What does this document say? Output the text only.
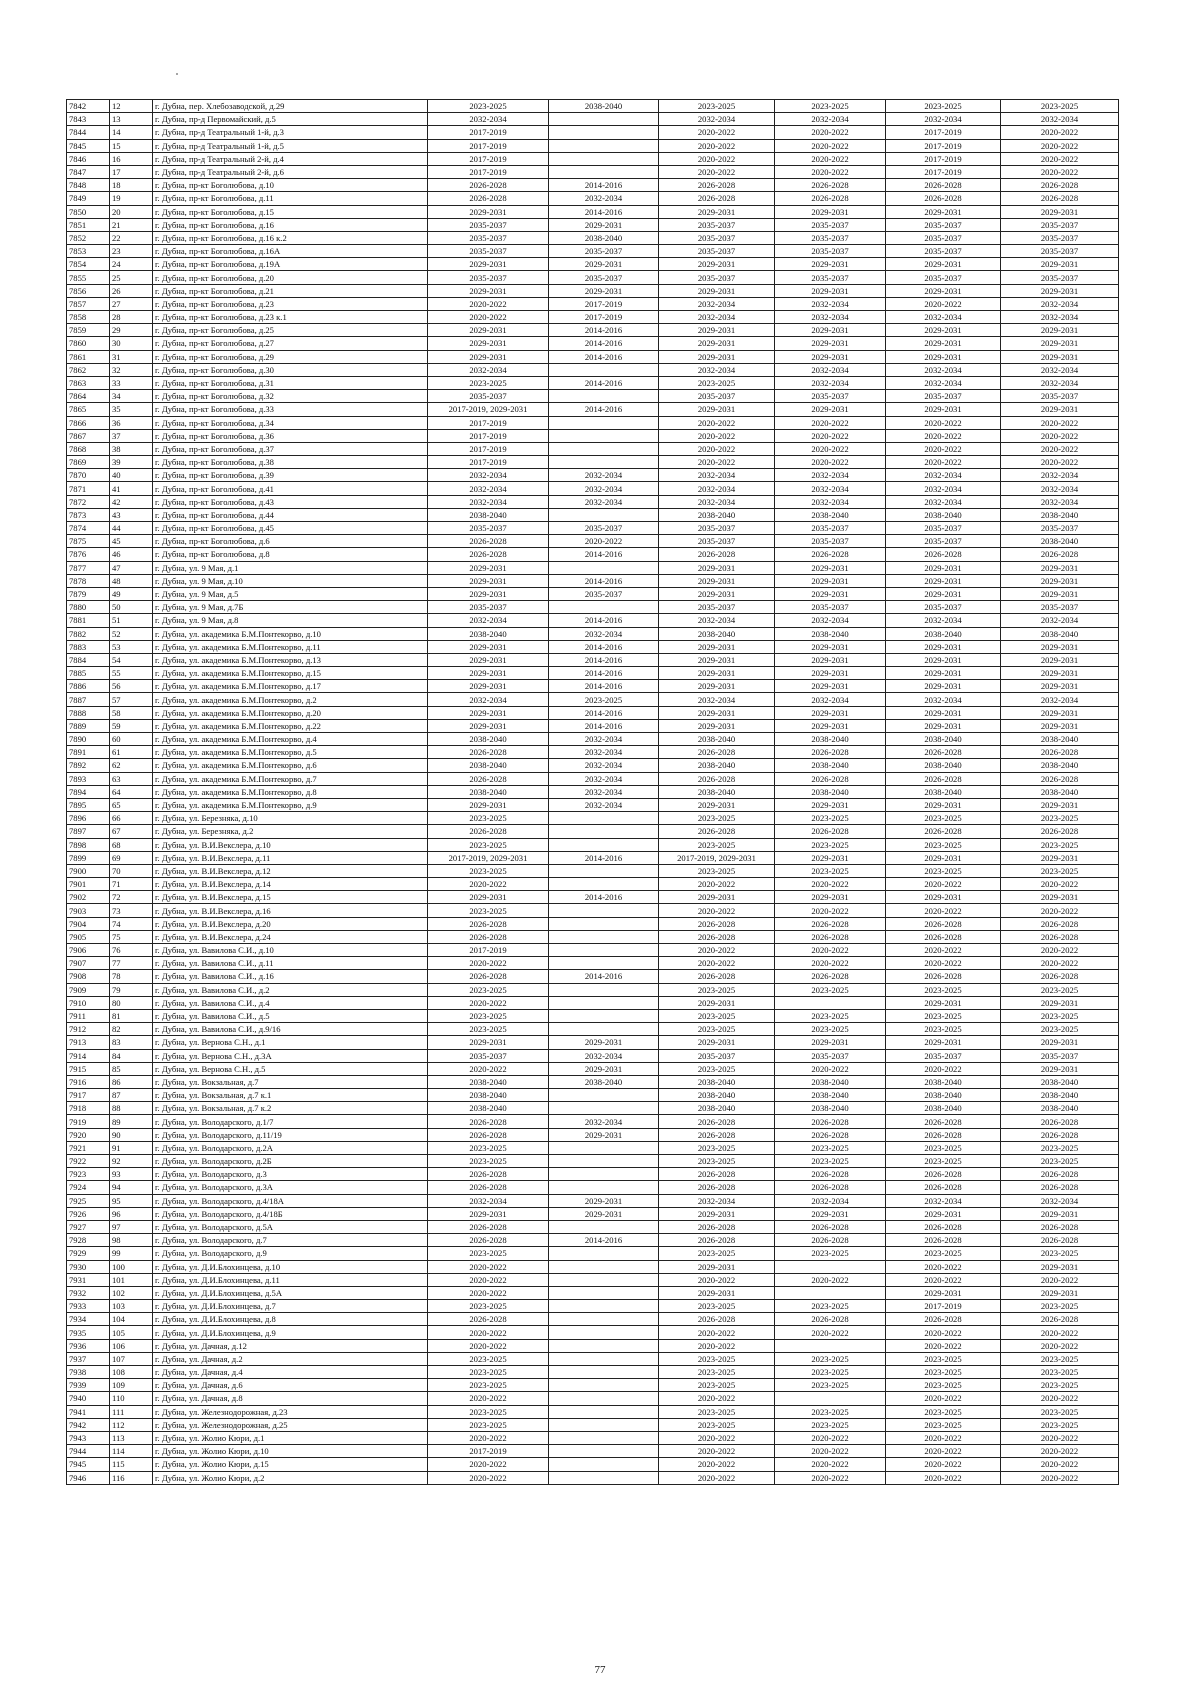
7842	12	г. Дубна, пер. Хлебозаводской, д.29	2023-2025	2038-2040	2023-2025	2023-2025	2023-2025	2023-2025
7843	13	г. Дубна, пр-д Первомайский, д.5	2032-2034		2032-2034	2032-2034	2032-2034	2032-2034
7844	14	г. Дубна, пр-д Театральный 1-й, д.3	2017-2019		2020-2022	2020-2022	2017-2019	2020-2022
7845	15	г. Дубна, пр-д Театральный 1-й, д.5	2017-2019		2020-2022	2020-2022	2017-2019	2020-2022
7846	16	г. Дубна, пр-д Театральный 2-й, д.4	2017-2019		2020-2022	2020-2022	2017-2019	2020-2022
7847	17	г. Дубна, пр-д Театральный 2-й, д.6	2017-2019		2020-2022	2020-2022	2017-2019	2020-2022
7848	18	г. Дубна, пр-кт Боголюбова, д.10	2026-2028	2014-2016	2026-2028	2026-2028	2026-2028	2026-2028
7849	19	г. Дубна, пр-кт Боголюбова, д.11	2026-2028	2032-2034	2026-2028	2026-2028	2026-2028	2026-2028
7850	20	г. Дубна, пр-кт Боголюбова, д.15	2029-2031	2014-2016	2029-2031	2029-2031	2029-2031	2029-2031
7851	21	г. Дубна, пр-кт Боголюбова, д.16	2035-2037	2029-2031	2035-2037	2035-2037	2035-2037	2035-2037
7852	22	г. Дубна, пр-кт Боголюбова, д.16 к.2	2035-2037	2038-2040	2035-2037	2035-2037	2035-2037	2035-2037
7853	23	г. Дубна, пр-кт Боголюбова, д.16А	2035-2037	2035-2037	2035-2037	2035-2037	2035-2037	2035-2037
7854	24	г. Дубна, пр-кт Боголюбова, д.19А	2029-2031	2029-2031	2029-2031	2029-2031	2029-2031	2029-2031
7855	25	г. Дубна, пр-кт Боголюбова, д.20	2035-2037	2035-2037	2035-2037	2035-2037	2035-2037	2035-2037
7856	26	г. Дубна, пр-кт Боголюбова, д.21	2029-2031	2029-2031	2029-2031	2029-2031	2029-2031	2029-2031
7857	27	г. Дубна, пр-кт Боголюбова, д.23	2020-2022	2017-2019	2032-2034	2032-2034	2020-2022	2032-2034
7858	28	г. Дубна, пр-кт Боголюбова, д.23 к.1	2020-2022	2017-2019	2032-2034	2032-2034	2032-2034	2032-2034
7859	29	г. Дубна, пр-кт Боголюбова, д.25	2029-2031	2014-2016	2029-2031	2029-2031	2029-2031	2029-2031
7860	30	г. Дубна, пр-кт Боголюбова, д.27	2029-2031	2014-2016	2029-2031	2029-2031	2029-2031	2029-2031
7861	31	г. Дубна, пр-кт Боголюбова, д.29	2029-2031	2014-2016	2029-2031	2029-2031	2029-2031	2029-2031
7862	32	г. Дубна, пр-кт Боголюбова, д.30	2032-2034		2032-2034	2032-2034	2032-2034	2032-2034
7863	33	г. Дубна, пр-кт Боголюбова, д.31	2023-2025	2014-2016	2023-2025	2032-2034	2032-2034	2032-2034
7864	34	г. Дубна, пр-кт Боголюбова, д.32	2035-2037		2035-2037	2035-2037	2035-2037	2035-2037
7865	35	г. Дубна, пр-кт Боголюбова, д.33	2017-2019, 2029-2031	2014-2016	2029-2031	2029-2031	2029-2031	2029-2031
7866	36	г. Дубна, пр-кт Боголюбова, д.34	2017-2019		2020-2022	2020-2022	2020-2022	2020-2022
7867	37	г. Дубна, пр-кт Боголюбова, д.36	2017-2019		2020-2022	2020-2022	2020-2022	2020-2022
7868	38	г. Дубна, пр-кт Боголюбова, д.37	2017-2019		2020-2022	2020-2022	2020-2022	2020-2022
7869	39	г. Дубна, пр-кт Боголюбова, д.38	2017-2019		2020-2022	2020-2022	2020-2022	2020-2022
7870	40	г. Дубна, пр-кт Боголюбова, д.39	2032-2034	2032-2034	2032-2034	2032-2034	2032-2034	2032-2034
7871	41	г. Дубна, пр-кт Боголюбова, д.41	2032-2034	2032-2034	2032-2034	2032-2034	2032-2034	2032-2034
7872	42	г. Дубна, пр-кт Боголюбова, д.43	2032-2034	2032-2034	2032-2034	2032-2034	2032-2034	2032-2034
7873	43	г. Дубна, пр-кт Боголюбова, д.44	2038-2040		2038-2040	2038-2040	2038-2040	2038-2040
7874	44	г. Дубна, пр-кт Боголюбова, д.45	2035-2037	2035-2037	2035-2037	2035-2037	2035-2037	2035-2037
7875	45	г. Дубна, пр-кт Боголюбова, д.6	2026-2028	2020-2022	2035-2037	2035-2037	2035-2037	2038-2040
7876	46	г. Дубна, пр-кт Боголюбова, д.8	2026-2028	2014-2016	2026-2028	2026-2028	2026-2028	2026-2028
7877	47	г. Дубна, ул. 9 Мая, д.1	2029-2031		2029-2031	2029-2031	2029-2031	2029-2031
7878	48	г. Дубна, ул. 9 Мая, д.10	2029-2031	2014-2016	2029-2031	2029-2031	2029-2031	2029-2031
7879	49	г. Дубна, ул. 9 Мая, д.5	2029-2031	2035-2037	2029-2031	2029-2031	2029-2031	2029-2031
7880	50	г. Дубна, ул. 9 Мая, д.7Б	2035-2037		2035-2037	2035-2037	2035-2037	2035-2037
7881	51	г. Дубна, ул. 9 Мая, д.8	2032-2034	2014-2016	2032-2034	2032-2034	2032-2034	2032-2034
7882	52	г. Дубна, ул. академика Б.М.Понтекорво, д.10	2038-2040	2032-2034	2038-2040	2038-2040	2038-2040	2038-2040
7883	53	г. Дубна, ул. академика Б.М.Понтекорво, д.11	2029-2031	2014-2016	2029-2031	2029-2031	2029-2031	2029-2031
7884	54	г. Дубна, ул. академика Б.М.Понтекорво, д.13	2029-2031	2014-2016	2029-2031	2029-2031	2029-2031	2029-2031
7885	55	г. Дубна, ул. академика Б.М.Понтекорво, д.15	2029-2031	2014-2016	2029-2031	2029-2031	2029-2031	2029-2031
7886	56	г. Дубна, ул. академика Б.М.Понтекорво, д.17	2029-2031	2014-2016	2029-2031	2029-2031	2029-2031	2029-2031
7887	57	г. Дубна, ул. академика Б.М.Понтекорво, д.2	2032-2034	2023-2025	2032-2034	2032-2034	2032-2034	2032-2034
7888	58	г. Дубна, ул. академика Б.М.Понтекорво, д.20	2029-2031	2014-2016	2029-2031	2029-2031	2029-2031	2029-2031
7889	59	г. Дубна, ул. академика Б.М.Понтекорво, д.22	2029-2031	2014-2016	2029-2031	2029-2031	2029-2031	2029-2031
7890	60	г. Дубна, ул. академика Б.М.Понтекорво, д.4	2038-2040	2032-2034	2038-2040	2038-2040	2038-2040	2038-2040
7891	61	г. Дубна, ул. академика Б.М.Понтекорво, д.5	2026-2028	2032-2034	2026-2028	2026-2028	2026-2028	2026-2028
7892	62	г. Дубна, ул. академика Б.М.Понтекорво, д.6	2038-2040	2032-2034	2038-2040	2038-2040	2038-2040	2038-2040
7893	63	г. Дубна, ул. академика Б.М.Понтекорво, д.7	2026-2028	2032-2034	2026-2028	2026-2028	2026-2028	2026-2028
7894	64	г. Дубна, ул. академика Б.М.Понтекорво, д.8	2038-2040	2032-2034	2038-2040	2038-2040	2038-2040	2038-2040
7895	65	г. Дубна, ул. академика Б.М.Понтекорво, д.9	2029-2031	2032-2034	2029-2031	2029-2031	2029-2031	2029-2031
7896	66	г. Дубна, ул. Березняка, д.10	2023-2025		2023-2025	2023-2025	2023-2025	2023-2025
7897	67	г. Дубна, ул. Березняка, д.2	2026-2028		2026-2028	2026-2028	2026-2028	2026-2028
7898	68	г. Дубна, ул. В.И.Векслера, д.10	2023-2025		2023-2025	2023-2025	2023-2025	2023-2025
7899	69	г. Дубна, ул. В.И.Векслера, д.11	2017-2019, 2029-2031	2014-2016	2017-2019, 2029-2031	2029-2031	2029-2031	2029-2031
7900	70	г. Дубна, ул. В.И.Векслера, д.12	2023-2025		2023-2025	2023-2025	2023-2025	2023-2025
7901	71	г. Дубна, ул. В.И.Векслера, д.14	2020-2022		2020-2022	2020-2022	2020-2022	2020-2022
7902	72	г. Дубна, ул. В.И.Векслера, д.15	2029-2031	2014-2016	2029-2031	2029-2031	2029-2031	2029-2031
7903	73	г. Дубна, ул. В.И.Векслера, д.16	2023-2025		2020-2022	2020-2022	2020-2022	2020-2022
7904	74	г. Дубна, ул. В.И.Векслера, д.20	2026-2028		2026-2028	2026-2028	2026-2028	2026-2028
7905	75	г. Дубна, ул. В.И.Векслера, д.24	2026-2028		2026-2028	2026-2028	2026-2028	2026-2028
7906	76	г. Дубна, ул. Вавилова С.И., д.10	2017-2019		2020-2022	2020-2022	2020-2022	2020-2022
7907	77	г. Дубна, ул. Вавилова С.И., д.11	2020-2022		2020-2022	2020-2022	2020-2022	2020-2022
7908	78	г. Дубна, ул. Вавилова С.И., д.16	2026-2028	2014-2016	2026-2028	2026-2028	2026-2028	2026-2028
7909	79	г. Дубна, ул. Вавилова С.И., д.2	2023-2025		2023-2025	2023-2025	2023-2025	2023-2025
7910	80	г. Дубна, ул. Вавилова С.И., д.4	2020-2022		2029-2031		2029-2031	2029-2031
7911	81	г. Дубна, ул. Вавилова С.И., д.5	2023-2025		2023-2025	2023-2025	2023-2025	2023-2025
7912	82	г. Дубна, ул. Вавилова С.И., д.9/16	2023-2025		2023-2025	2023-2025	2023-2025	2023-2025
7913	83	г. Дубна, ул. Вернова С.Н., д.1	2029-2031	2029-2031	2029-2031	2029-2031	2029-2031	2029-2031
7914	84	г. Дубна, ул. Вернова С.Н., д.3А	2035-2037	2032-2034	2035-2037	2035-2037	2035-2037	2035-2037
7915	85	г. Дубна, ул. Вернова С.Н., д.5	2020-2022	2029-2031	2023-2025	2020-2022	2020-2022	2029-2031
7916	86	г. Дубна, ул. Вокзальная, д.7	2038-2040	2038-2040	2038-2040	2038-2040	2038-2040	2038-2040
7917	87	г. Дубна, ул. Вокзальная, д.7 к.1	2038-2040		2038-2040	2038-2040	2038-2040	2038-2040
7918	88	г. Дубна, ул. Вокзальная, д.7 к.2	2038-2040		2038-2040	2038-2040	2038-2040	2038-2040
7919	89	г. Дубна, ул. Володарского, д.1/7	2026-2028	2032-2034	2026-2028	2026-2028	2026-2028	2026-2028
7920	90	г. Дубна, ул. Володарского, д.11/19	2026-2028	2029-2031	2026-2028	2026-2028	2026-2028	2026-2028
7921	91	г. Дубна, ул. Володарского, д.2А	2023-2025		2023-2025	2023-2025	2023-2025	2023-2025
7922	92	г. Дубна, ул. Володарского, д.2Б	2023-2025		2023-2025	2023-2025	2023-2025	2023-2025
7923	93	г. Дубна, ул. Володарского, д.3	2026-2028		2026-2028	2026-2028	2026-2028	2026-2028
7924	94	г. Дубна, ул. Володарского, д.3А	2026-2028		2026-2028	2026-2028	2026-2028	2026-2028
7925	95	г. Дубна, ул. Володарского, д.4/18А	2032-2034	2029-2031	2032-2034	2032-2034	2032-2034	2032-2034
7926	96	г. Дубна, ул. Володарского, д.4/18Б	2029-2031	2029-2031	2029-2031	2029-2031	2029-2031	2029-2031
7927	97	г. Дубна, ул. Володарского, д.5А	2026-2028		2026-2028	2026-2028	2026-2028	2026-2028
7928	98	г. Дубна, ул. Володарского, д.7	2026-2028	2014-2016	2026-2028	2026-2028	2026-2028	2026-2028
7929	99	г. Дубна, ул. Володарского, д.9	2023-2025		2023-2025	2023-2025	2023-2025	2023-2025
7930	100	г. Дубна, ул. Д.И.Блохинцева, д.10	2020-2022		2029-2031		2020-2022	2029-2031
7931	101	г. Дубна, ул. Д.И.Блохинцева, д.11	2020-2022		2020-2022	2020-2022	2020-2022	2020-2022
7932	102	г. Дубна, ул. Д.И.Блохинцева, д.5А	2020-2022		2029-2031		2029-2031	2029-2031
7933	103	г. Дубна, ул. Д.И.Блохинцева, д.7	2023-2025		2023-2025	2023-2025	2017-2019	2023-2025
7934	104	г. Дубна, ул. Д.И.Блохинцева, д.8	2026-2028		2026-2028	2026-2028	2026-2028	2026-2028
7935	105	г. Дубна, ул. Д.И.Блохинцева, д.9	2020-2022		2020-2022	2020-2022	2020-2022	2020-2022
7936	106	г. Дубна, ул. Дачная, д.12	2020-2022		2020-2022		2020-2022	2020-2022
7937	107	г. Дубна, ул. Дачная, д.2	2023-2025		2023-2025	2023-2025	2023-2025	2023-2025
7938	108	г. Дубна, ул. Дачная, д.4	2023-2025		2023-2025	2023-2025	2023-2025	2023-2025
7939	109	г. Дубна, ул. Дачная, д.6	2023-2025		2023-2025	2023-2025	2023-2025	2023-2025
7940	110	г. Дубна, ул. Дачная, д.8	2020-2022		2020-2022		2020-2022	2020-2022
7941	111	г. Дубна, ул. Железнодорожная, д.23	2023-2025		2023-2025	2023-2025	2023-2025	2023-2025
7942	112	г. Дубна, ул. Железнодорожная, д.25	2023-2025		2023-2025	2023-2025	2023-2025	2023-2025
7943	113	г. Дубна, ул. Жолио Кюри, д.1	2020-2022		2020-2022	2020-2022	2020-2022	2020-2022
7944	114	г. Дубна, ул. Жолио Кюри, д.10	2017-2019		2020-2022	2020-2022	2020-2022	2020-2022
7945	115	г. Дубна, ул. Жолио Кюри, д.15	2020-2022		2020-2022	2020-2022	2020-2022	2020-2022
7946	116	г. Дубна, ул. Жолио Кюри, д.2	2020-2022		2020-2022	2020-2022	2020-2022	2020-2022
77
